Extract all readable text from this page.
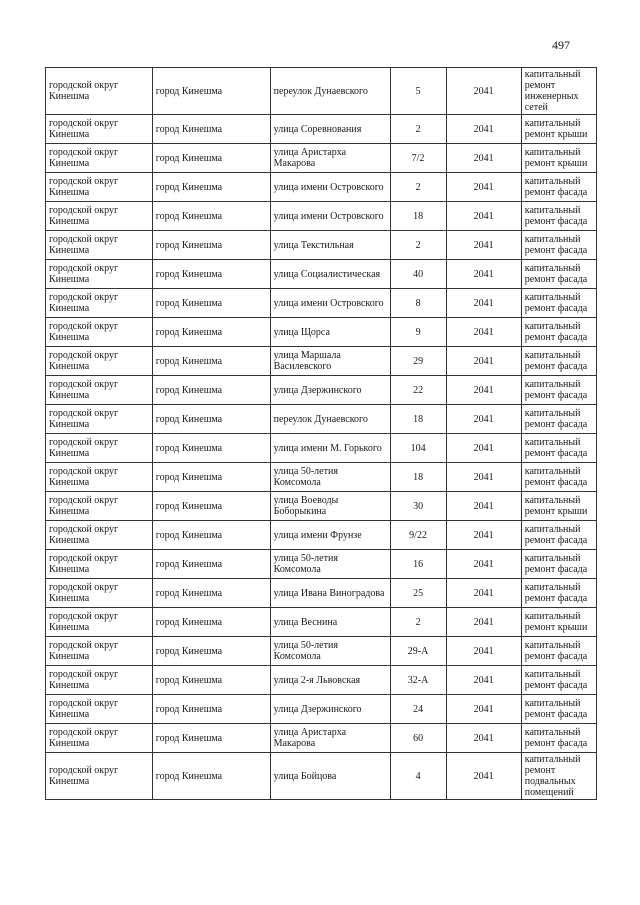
497
городской округ Кинешма	город Кинешма	переулок Дунаевского	5	2041	капитальный ремонт инженерных сетей
городской округ Кинешма	город Кинешма	улица Соревнования	2	2041	капитальный ремонт крыши
городской округ Кинешма	город Кинешма	улица Аристарха Макарова	7/2	2041	капитальный ремонт крыши
городской округ Кинешма	город Кинешма	улица имени Островского	2	2041	капитальный ремонт фасада
городской округ Кинешма	город Кинешма	улица имени Островского	18	2041	капитальный ремонт фасада
городской округ Кинешма	город Кинешма	улица Текстильная	2	2041	капитальный ремонт фасада
городской округ Кинешма	город Кинешма	улица Социалистическая	40	2041	капитальный ремонт фасада
городской округ Кинешма	город Кинешма	улица имени Островского	8	2041	капитальный ремонт фасада
городской округ Кинешма	город Кинешма	улица Щорса	9	2041	капитальный ремонт фасада
городской округ Кинешма	город Кинешма	улица Маршала Василевского	29	2041	капитальный ремонт фасада
городской округ Кинешма	город Кинешма	улица Дзержинского	22	2041	капитальный ремонт фасада
городской округ Кинешма	город Кинешма	переулок Дунаевского	18	2041	капитальный ремонт фасада
городской округ Кинешма	город Кинешма	улица имени М. Горького	104	2041	капитальный ремонт фасада
городской округ Кинешма	город Кинешма	улица 50-летия Комсомола	18	2041	капитальный ремонт фасада
городской округ Кинешма	город Кинешма	улица Воеводы Боборыкина	30	2041	капитальный ремонт крыши
городской округ Кинешма	город Кинешма	улица имени Фрунзе	9/22	2041	капитальный ремонт фасада
городской округ Кинешма	город Кинешма	улица 50-летия Комсомола	16	2041	капитальный ремонт фасада
городской округ Кинешма	город Кинешма	улица Ивана Виноградова	25	2041	капитальный ремонт фасада
городской округ Кинешма	город Кинешма	улица Веснина	2	2041	капитальный ремонт крыши
городской округ Кинешма	город Кинешма	улица 50-летия Комсомола	29-А	2041	капитальный ремонт фасада
городской округ Кинешма	город Кинешма	улица 2-я Львовская	32-А	2041	капитальный ремонт фасада
городской округ Кинешма	город Кинешма	улица Дзержинского	24	2041	капитальный ремонт фасада
городской округ Кинешма	город Кинешма	улица Аристарха Макарова	60	2041	капитальный ремонт фасада
городской округ Кинешма	город Кинешма	улица Бойцова	4	2041	капитальный ремонт подвальных помещений
